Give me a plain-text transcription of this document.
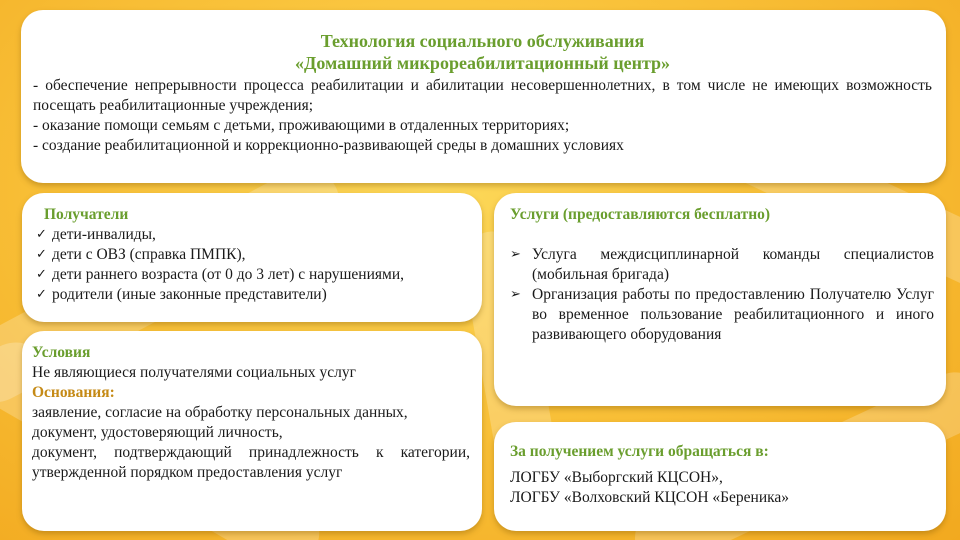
Технология социального обслуживания
«Домашний микрореабилитационный центр»
- обеспечение непрерывности процесса реабилитации и абилитации несовершеннолетних, в том числе не имеющих возможность посещать реабилитационные учреждения;
- оказание помощи семьям с детьми, проживающими в отдаленных территориях;
- создание реабилитационной и коррекционно-развивающей среды в домашних условиях
Получатели
✓ дети-инвалиды,
✓ дети с ОВЗ (справка ПМПК),
✓ дети раннего возраста (от 0 до 3 лет) с нарушениями,
✓ родители (иные законные представители)
Услуги (предоставляются бесплатно)
➢ Услуга междисциплинарной команды специалистов (мобильная бригада)
➢ Организация работы по предоставлению Получателю Услуг во временное пользование реабилитационного и иного развивающего оборудования
Условия
Не являющиеся получателями социальных услуг
Основания:
заявление, согласие на обработку персональных данных,
документ, удостоверяющий личность,
документ, подтверждающий принадлежность к категории, утвержденной порядком предоставления услуг
За получением услуги обращаться в:
ЛОГБУ «Выборгский КЦСОН»,
ЛОГБУ «Волховский КЦСОН «Береника»
